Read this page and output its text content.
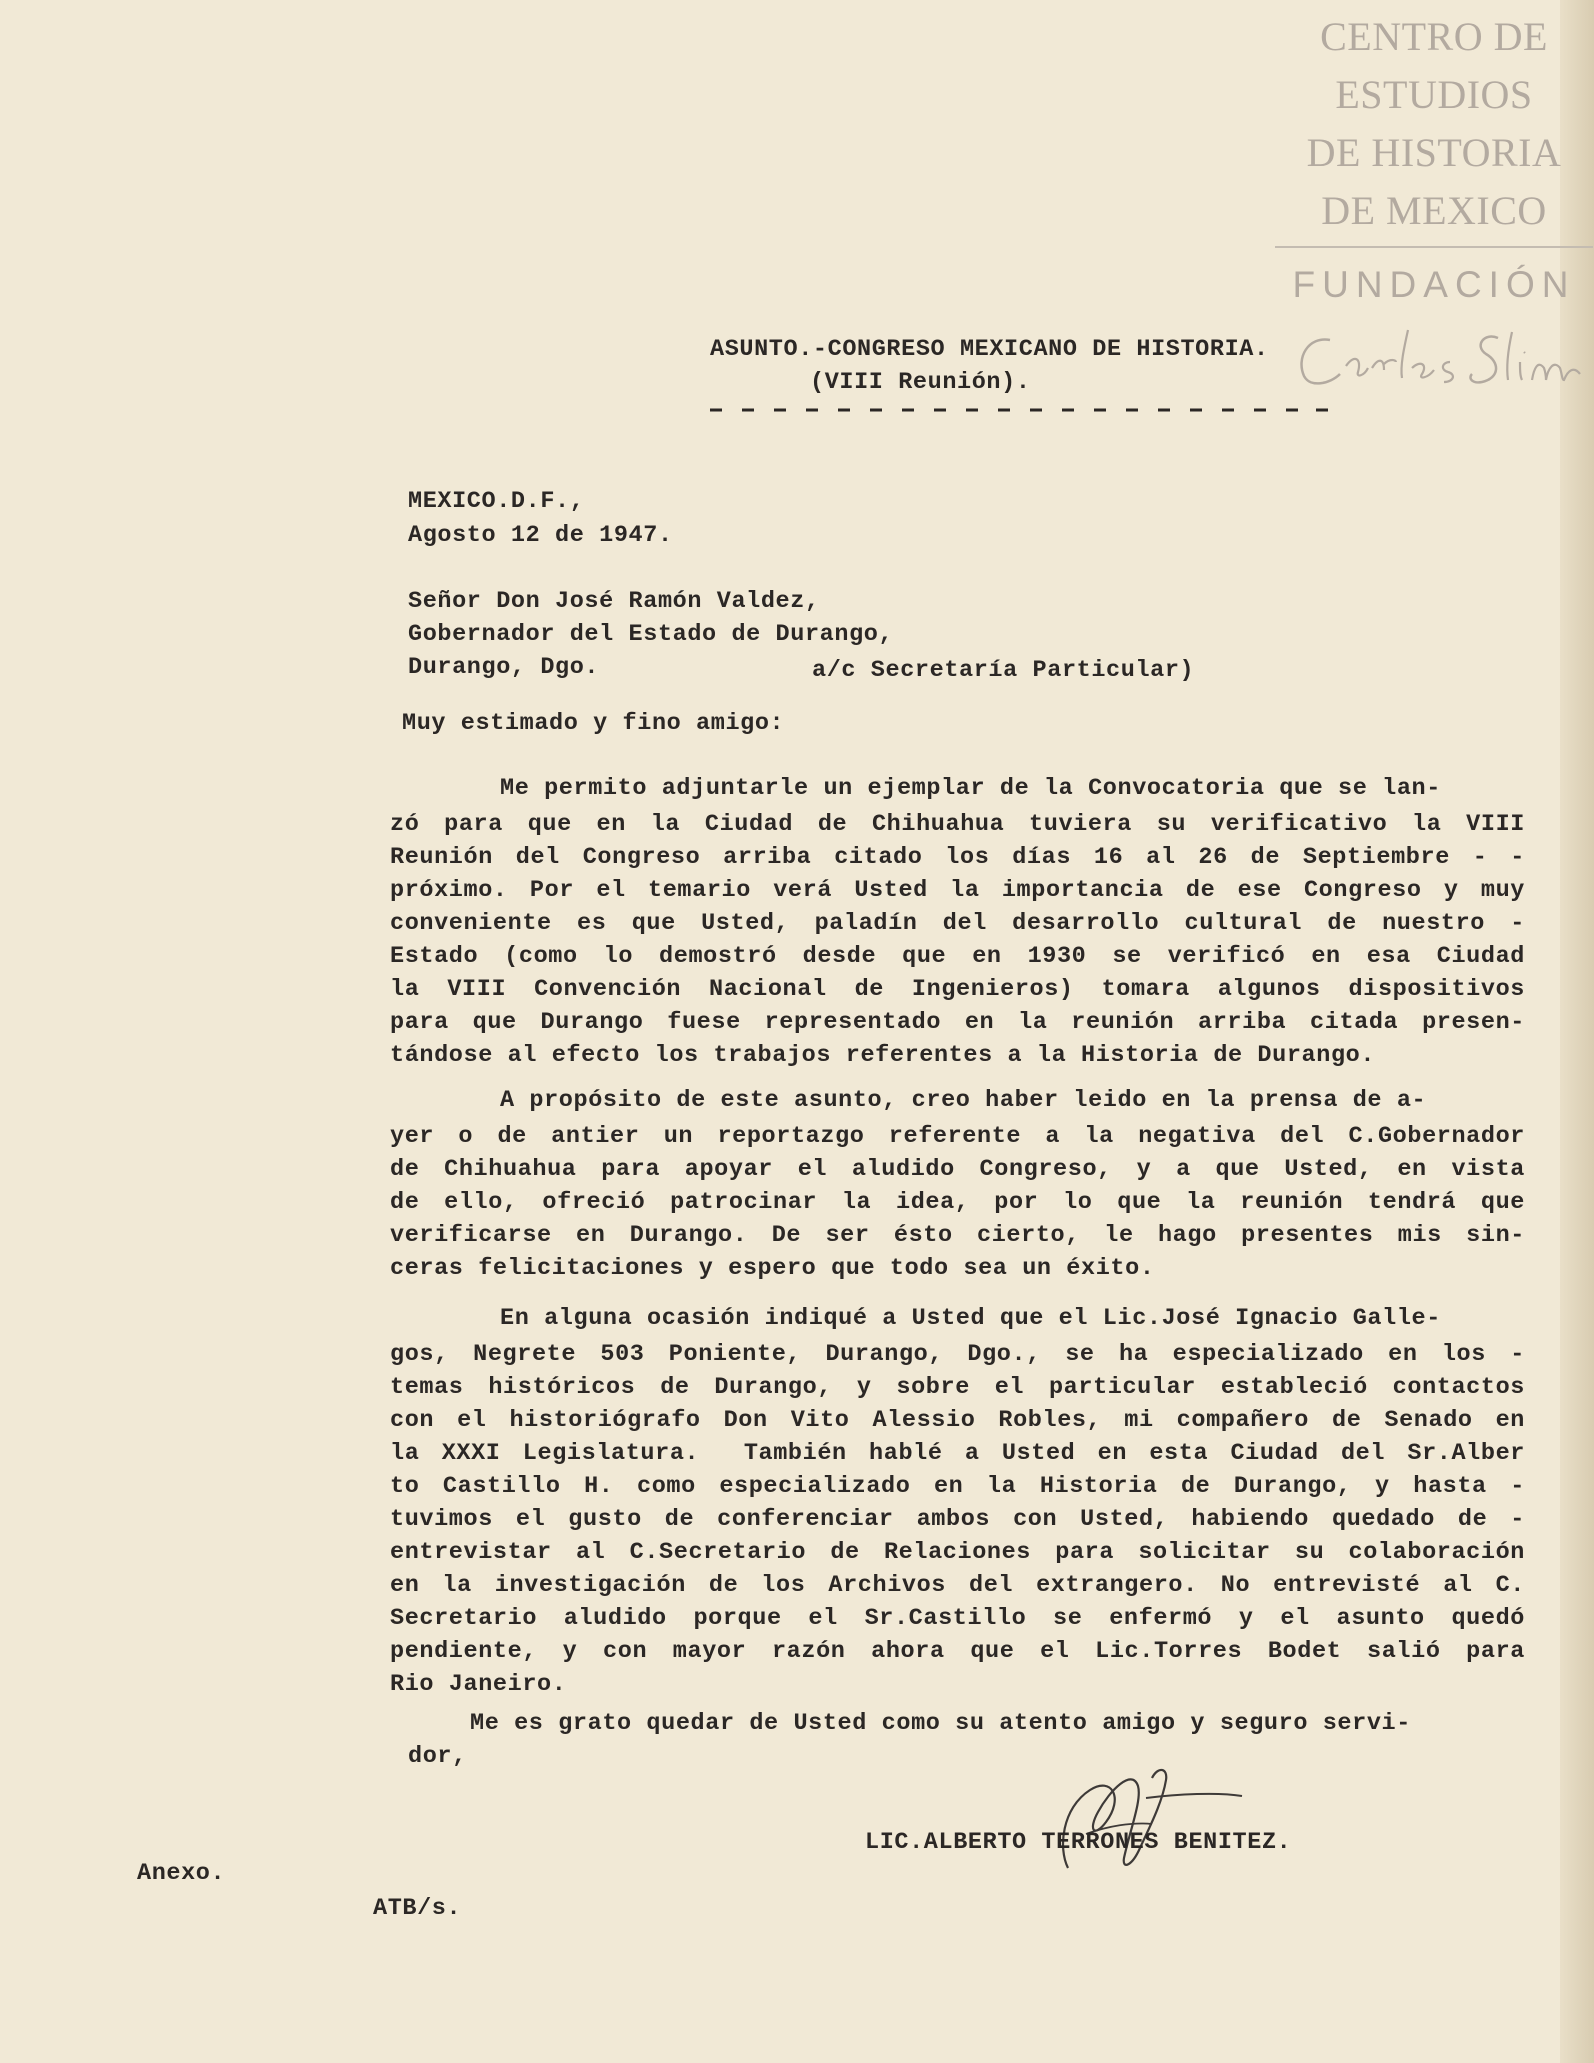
CENTRO DE
ESTUDIOS
DE HISTORIA
DE MEXICO
FUNDACIÓN
ASUNTO.-CONGRESO MEXICANO DE HISTORIA.
(VIII Reunión).
MEXICO.D.F.,
Agosto 12 de 1947.
Señor Don José Ramón Valdez,
Gobernador del Estado de Durango,
Durango, Dgo.	a/c Secretaría Particular)
Muy estimado y fino amigo:
Me permito adjuntarle un ejemplar de la Convocatoria que se lan-
zó para que en la Ciudad de Chihuahua tuviera su verificativo la VIII
Reunión del Congreso arriba citado los días 16 al 26 de Septiembre - -
próximo. Por el temario verá Usted la importancia de ese Congreso y muy
conveniente es que Usted, paladín del desarrollo cultural de nuestro -
Estado (como lo demostró desde que en 1930 se verificó en esa Ciudad
la VIII Convención Nacional de Ingenieros) tomara algunos dispositivos
para que Durango fuese representado en la reunión arriba citada presen-
tándose al efecto los trabajos referentes a la Historia de Durango.
A propósito de este asunto, creo haber leido en la prensa de a-
yer o de antier un reportazgo referente a la negativa del C.Gobernador
de Chihuahua para apoyar el aludido Congreso, y a que Usted, en vista
de ello, ofreció patrocinar la idea, por lo que la reunión tendrá que
verificarse en Durango. De ser ésto cierto, le hago presentes mis sin-
ceras felicitaciones y espero que todo sea un éxito.
En alguna ocasión indiqué a Usted que el Lic.José Ignacio Galle-
gos, Negrete 503 Poniente, Durango, Dgo., se ha especializado en los -
temas históricos de Durango, y sobre el particular estableció contactos
con el historiógrafo Don Vito Alessio Robles, mi compañero de Senado en
la XXXI Legislatura.  También hablé a Usted en esta Ciudad del Sr.Alber
to Castillo H. como especializado en la Historia de Durango, y hasta -
tuvimos el gusto de conferenciar ambos con Usted, habiendo quedado de -
entrevistar al C.Secretario de Relaciones para solicitar su colaboración
en la investigación de los Archivos del extrangero. No entrevisté al C.
Secretario aludido porque el Sr.Castillo se enfermó y el asunto quedó
pendiente, y con mayor razón ahora que el Lic.Torres Bodet salió para
Rio Janeiro.
Me es grato quedar de Usted como su atento amigo y seguro servi-
dor,
LIC.ALBERTO TERRONES BENITEZ.
Anexo.
ATB/s.
